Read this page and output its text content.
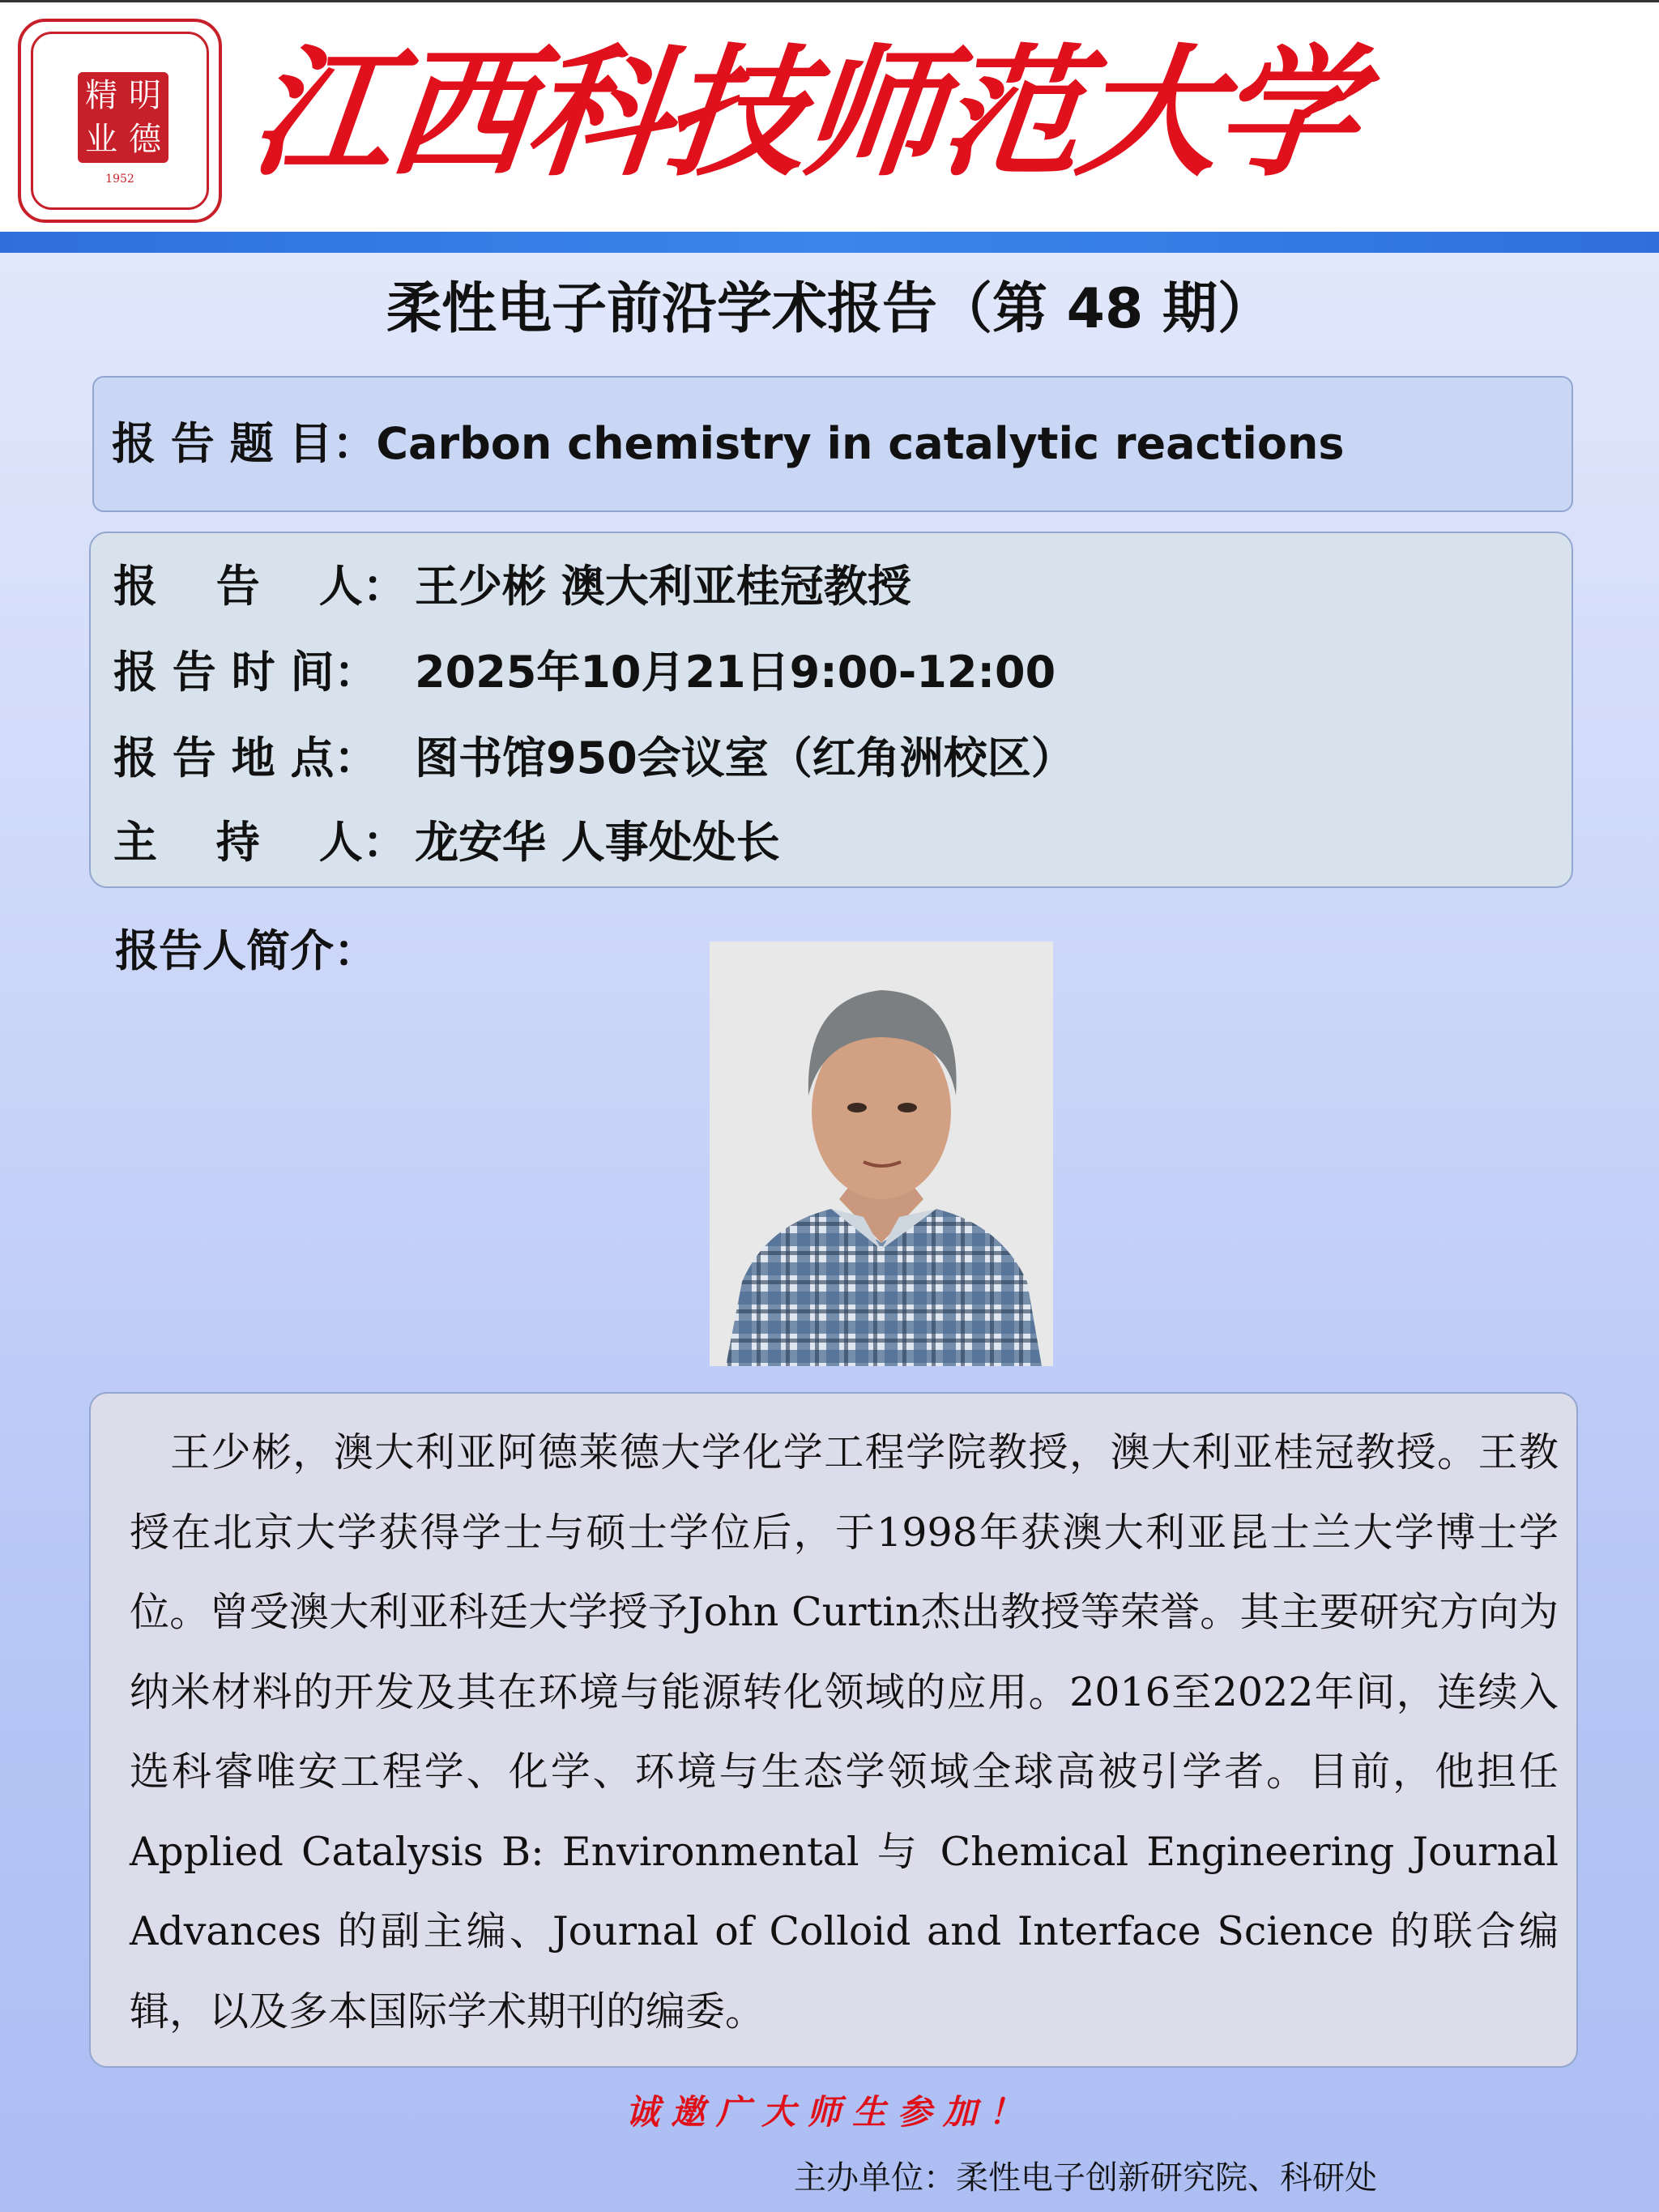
精 明
业 德
1952 江西科技师范大学
柔性电子前沿学术报告（第 48 期）
报 告 题 目：Carbon chemistry in catalytic reactions
报　 告　 人： 王少彬 澳大利亚桂冠教授
报 告 时 间： 2025年10月21日9:00-12:00
报 告 地 点： 图书馆950会议室（红角洲校区）
主　 持　 人： 龙安华 人事处处长
报告人简介：
王少彬，澳大利亚阿德莱德大学化学工程学院教授，澳大利亚桂冠教授。王教授在北京大学获得学士与硕士学位后，于1998年获澳大利亚昆士兰大学博士学位。曾受澳大利亚科廷大学授予John Curtin杰出教授等荣誉。其主要研究方向为纳米材料的开发及其在环境与能源转化领域的应用。2016至2022年间，连续入选科睿唯安工程学、化学、环境与生态学领域全球高被引学者。目前，他担任Applied Catalysis B: Environmental 与 Chemical Engineering Journal Advances 的副主编、Journal of Colloid and Interface Science 的联合编辑，以及多本国际学术期刊的编委。
诚邀广大师生参加！
主办单位：柔性电子创新研究院、科研处
